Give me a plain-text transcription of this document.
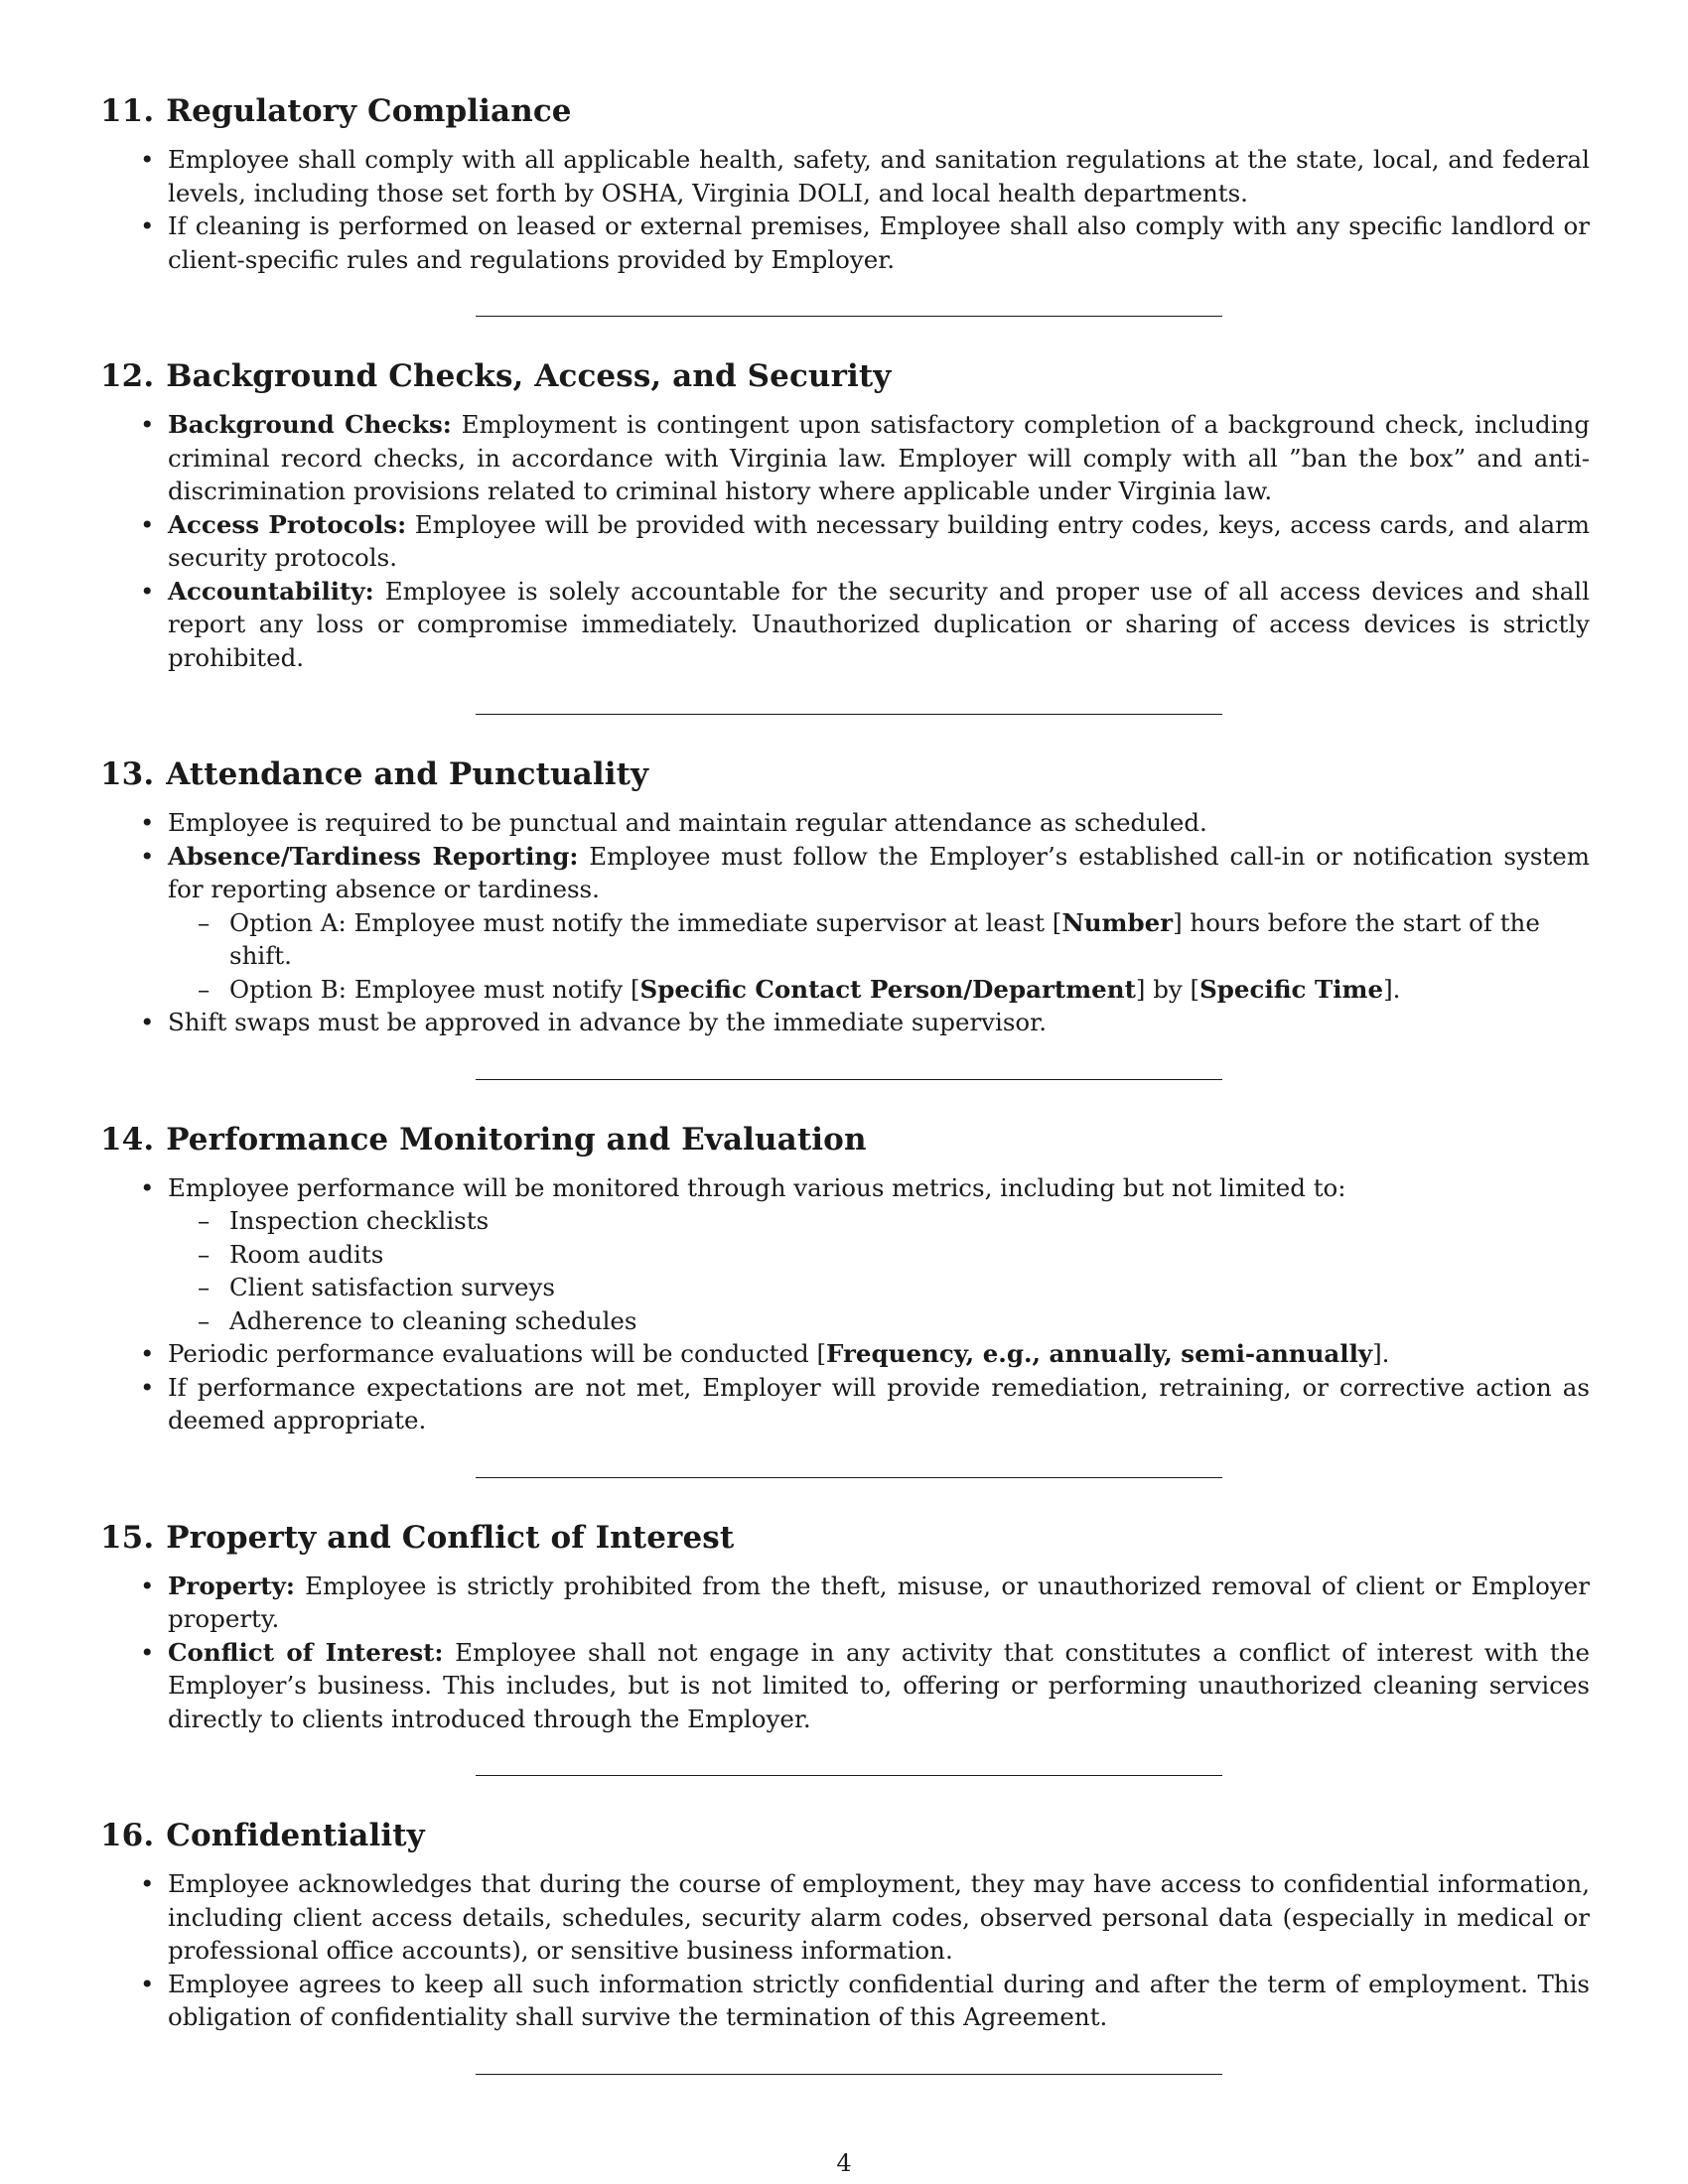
11. Regulatory Compliance
• Employee shall comply with all applicable health, safety, and sanitation regulations at the state, local, and federal levels, including those set forth by OSHA, Virginia DOLI, and local health departments.
• If cleaning is performed on leased or external premises, Employee shall also comply with any specific landlord or client-specific rules and regulations provided by Employer.
12. Background Checks, Access, and Security
• Background Checks: Employment is contingent upon satisfactory completion of a background check, including criminal record checks, in accordance with Virginia law. Employer will comply with all ”ban the box” and anti-discrimination provisions related to criminal history where applicable under Virginia law.
• Access Protocols: Employee will be provided with necessary building entry codes, keys, access cards, and alarm security protocols.
• Accountability: Employee is solely accountable for the security and proper use of all access devices and shall report any loss or compromise immediately. Unauthorized duplication or sharing of access devices is strictly prohibited.
13. Attendance and Punctuality
• Employee is required to be punctual and maintain regular attendance as scheduled.
• Absence/Tardiness Reporting: Employee must follow the Employer’s established call-in or notification system for reporting absence or tardiness.
– Option A: Employee must notify the immediate supervisor at least [Number] hours before the start of the shift.
– Option B: Employee must notify [Specific Contact Person/Department] by [Specific Time].
• Shift swaps must be approved in advance by the immediate supervisor.
14. Performance Monitoring and Evaluation
• Employee performance will be monitored through various metrics, including but not limited to:
– Inspection checklists
– Room audits
– Client satisfaction surveys
– Adherence to cleaning schedules
• Periodic performance evaluations will be conducted [Frequency, e.g., annually, semi-annually].
• If performance expectations are not met, Employer will provide remediation, retraining, or corrective action as deemed appropriate.
15. Property and Conflict of Interest
• Property: Employee is strictly prohibited from the theft, misuse, or unauthorized removal of client or Employer property.
• Conflict of Interest: Employee shall not engage in any activity that constitutes a conflict of interest with the Employer’s business. This includes, but is not limited to, offering or performing unauthorized cleaning services directly to clients introduced through the Employer.
16. Confidentiality
• Employee acknowledges that during the course of employment, they may have access to confidential information, including client access details, schedules, security alarm codes, observed personal data (especially in medical or professional office accounts), or sensitive business information.
• Employee agrees to keep all such information strictly confidential during and after the term of employment. This obligation of confidentiality shall survive the termination of this Agreement.
4
